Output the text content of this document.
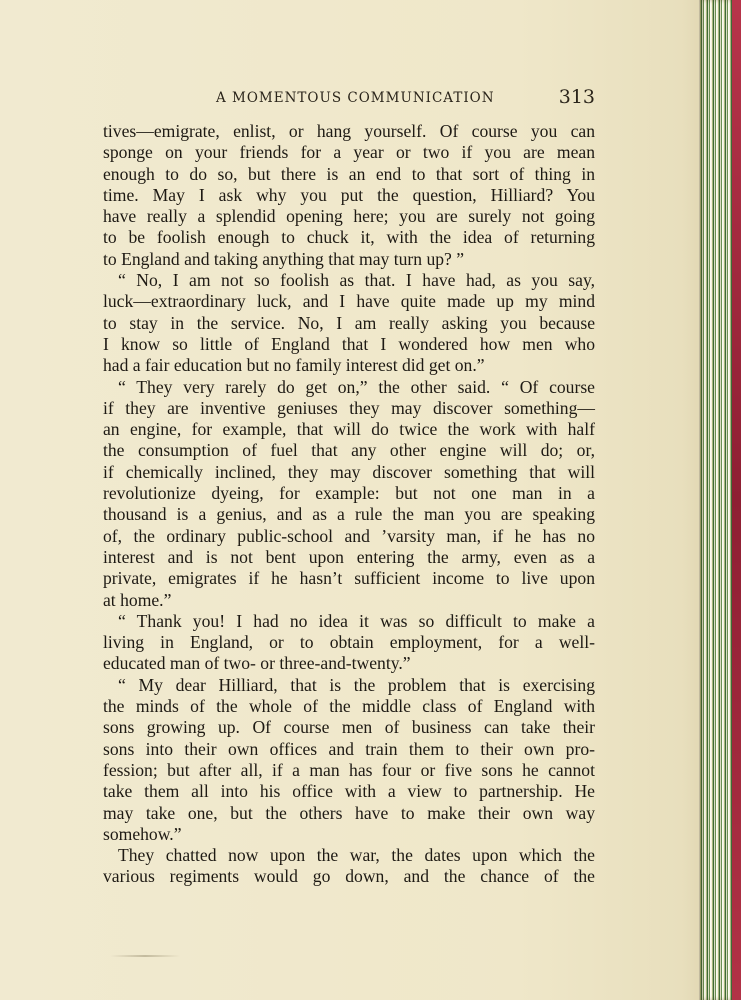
A MOMENTOUS COMMUNICATION	313
tives—emigrate, enlist, or hang yourself. Of course you can
sponge on your friends for a year or two if you are mean
enough to do so, but there is an end to that sort of thing in
time. May I ask why you put the question, Hilliard? You
have really a splendid opening here; you are surely not going
to be foolish enough to chuck it, with the idea of returning
to England and taking anything that may turn up? ”
“ No, I am not so foolish as that. I have had, as you say,
luck—extraordinary luck, and I have quite made up my mind
to stay in the service. No, I am really asking you because
I know so little of England that I wondered how men who
had a fair education but no family interest did get on.”
“ They very rarely do get on,” the other said. “ Of course
if they are inventive geniuses they may discover something—
an engine, for example, that will do twice the work with half
the consumption of fuel that any other engine will do; or,
if chemically inclined, they may discover something that will
revolutionize dyeing, for example: but not one man in a
thousand is a genius, and as a rule the man you are speaking
of, the ordinary public-school and ’varsity man, if he has no
interest and is not bent upon entering the army, even as a
private, emigrates if he hasn’t sufficient income to live upon
at home.”
“ Thank you! I had no idea it was so difficult to make a
living in England, or to obtain employment, for a well-
educated man of two- or three-and-twenty.”
“ My dear Hilliard, that is the problem that is exercising
the minds of the whole of the middle class of England with
sons growing up. Of course men of business can take their
sons into their own offices and train them to their own pro-
fession; but after all, if a man has four or five sons he cannot
take them all into his office with a view to partnership. He
may take one, but the others have to make their own way
somehow.”
They chatted now upon the war, the dates upon which the
various regiments would go down, and the chance of the
